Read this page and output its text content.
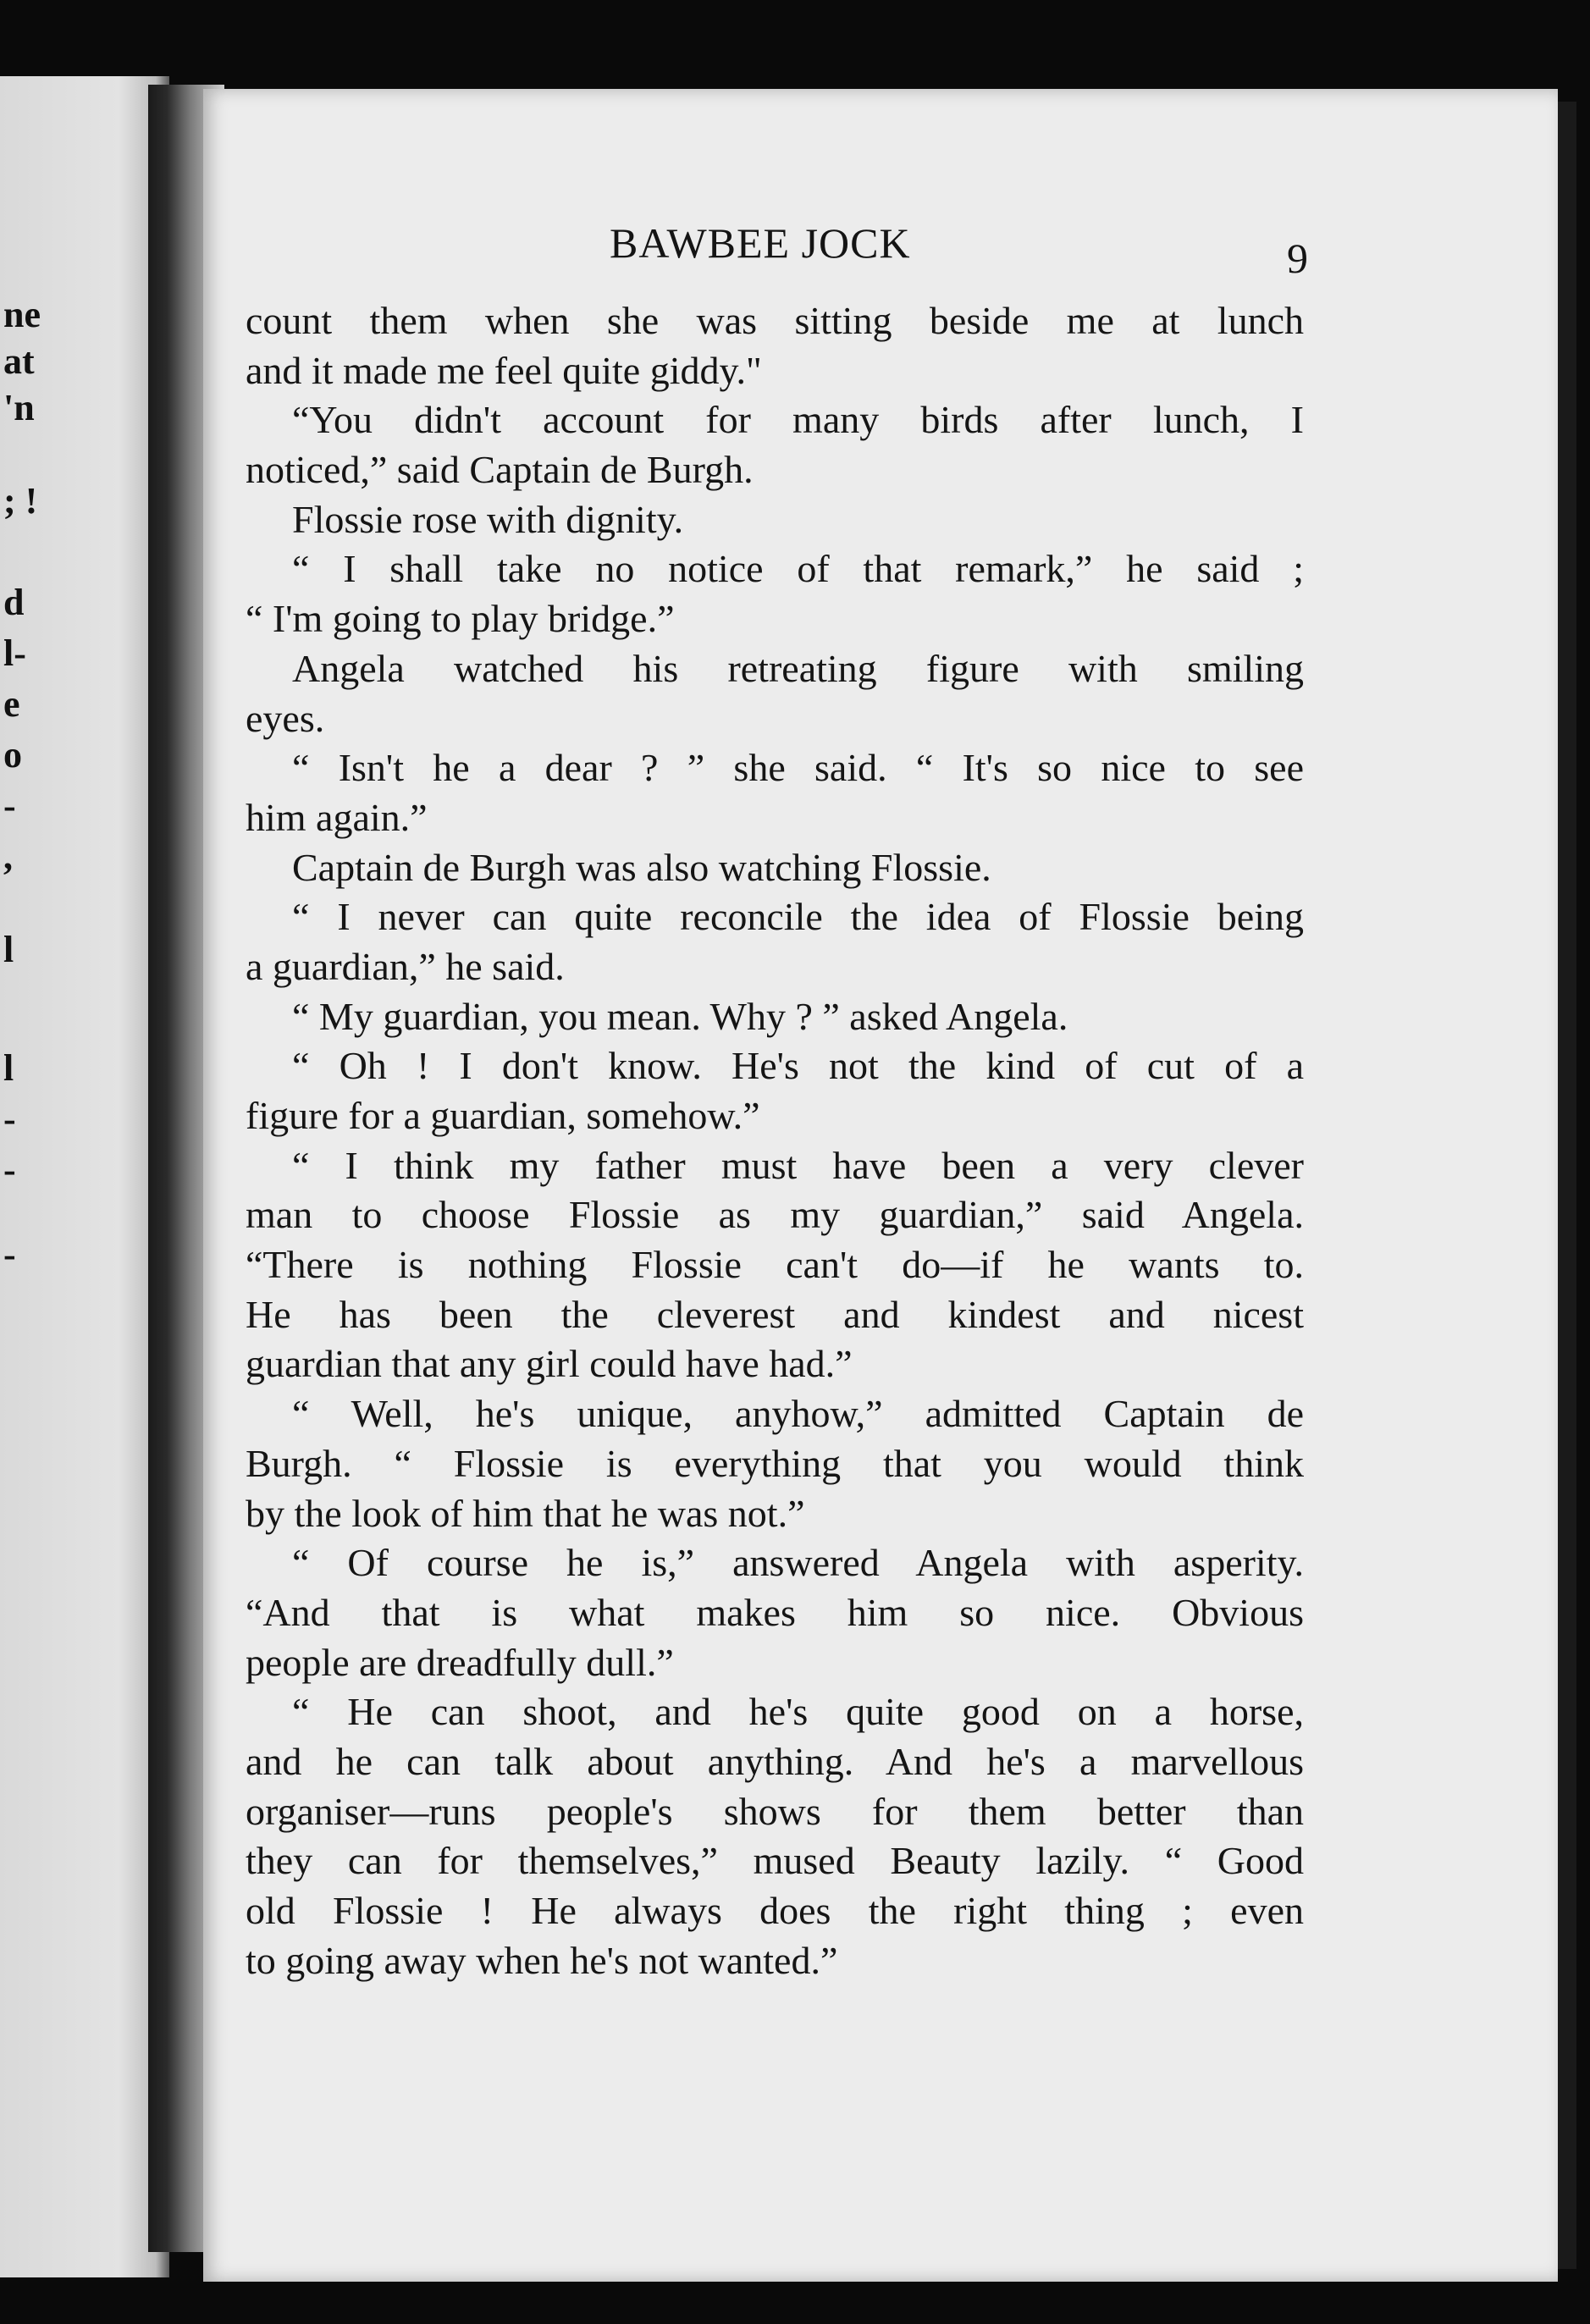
ne
at
'n
; !
d
l-
e
o
-
,
l
l
-
-
-
BAWBEE JOCK	9
count them when she was sitting beside me at lunch
and it made me feel quite giddy."
“You didn't account for many birds after lunch, I
noticed,” said Captain de Burgh.
Flossie rose with dignity.
“ I shall take no notice of that remark,” he said ;
“ I'm going to play bridge.”
Angela watched his retreating figure with smiling
eyes.
“ Isn't he a dear ? ” she said. “ It's so nice to see
him again.”
Captain de Burgh was also watching Flossie.
“ I never can quite reconcile the idea of Flossie being
a guardian,” he said.
“ My guardian, you mean. Why ? ” asked Angela.
“ Oh ! I don't know. He's not the kind of cut of a
figure for a guardian, somehow.”
“ I think my father must have been a very clever
man to choose Flossie as my guardian,” said Angela.
“There is nothing Flossie can't do—if he wants to.
He has been the cleverest and kindest and nicest
guardian that any girl could have had.”
“ Well, he's unique, anyhow,” admitted Captain de
Burgh. “ Flossie is everything that you would think
by the look of him that he was not.”
“ Of course he is,” answered Angela with asperity.
“And that is what makes him so nice. Obvious
people are dreadfully dull.”
“ He can shoot, and he's quite good on a horse,
and he can talk about anything. And he's a marvellous
organiser—runs people's shows for them better than
they can for themselves,” mused Beauty lazily. “ Good
old Flossie ! He always does the right thing ; even
to going away when he's not wanted.”
